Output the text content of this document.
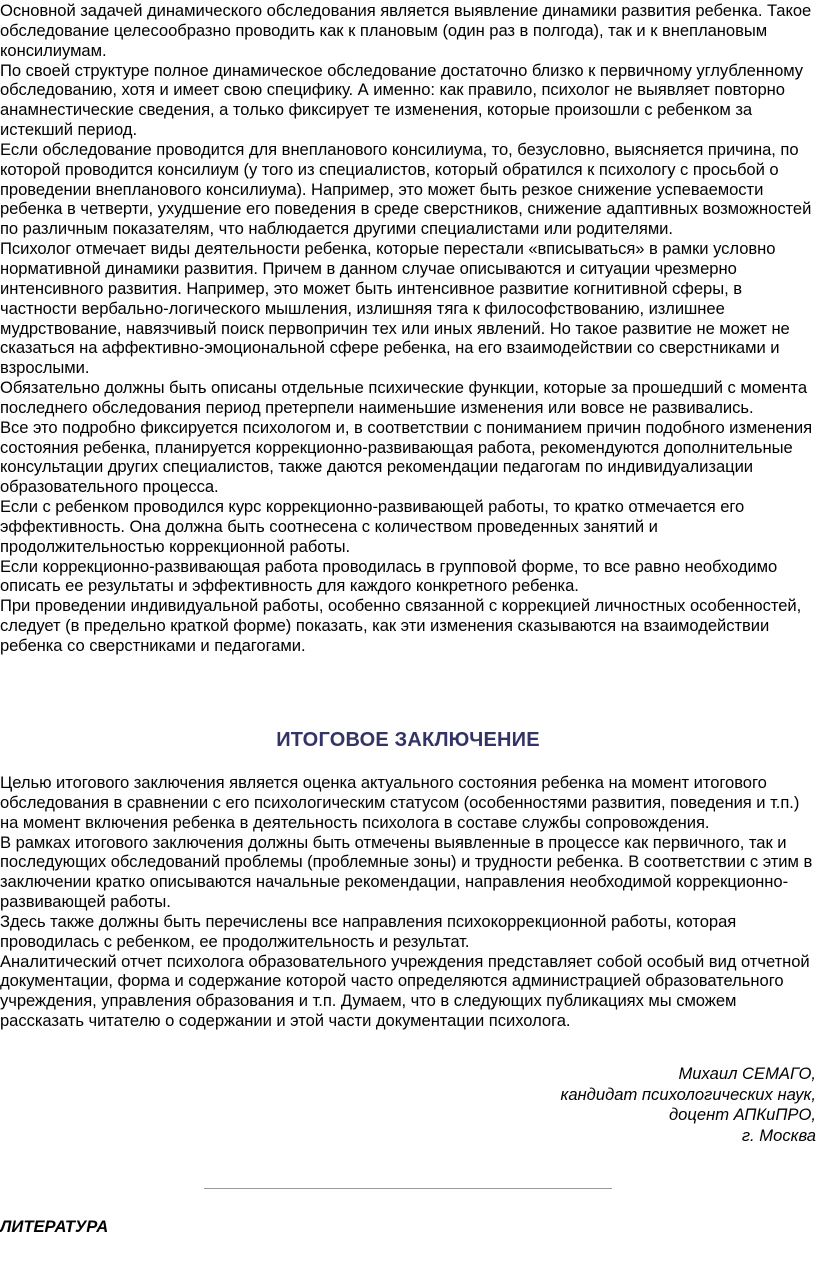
Основной задачей динамического обследования является выявление динамики развития ребенка. Такое обследование целесообразно проводить как к плановым (один раз в полгода), так и к внеплановым консилиумам.

По своей структуре полное динамическое обследование достаточно близко к первичному углубленному обследованию, хотя и имеет свою специфику. А именно: как правило, психолог не выявляет повторно анамнестические сведения, а только фиксирует те изменения, которые произошли с ребенком за истекший период.

Если обследование проводится для внепланового консилиума, то, безусловно, выясняется причина, по которой проводится консилиум (у того из специалистов, который обратился к психологу с просьбой о проведении внепланового консилиума). Например, это может быть резкое снижение успеваемости ребенка в четверти, ухудшение его поведения в среде сверстников, снижение адаптивных возможностей по различным показателям, что наблюдается другими специалистами или родителями.

Психолог отмечает виды деятельности ребенка, которые перестали «вписываться» в рамки условно нормативной динамики развития. Причем в данном случае описываются и ситуации чрезмерно интенсивного развития. Например, это может быть интенсивное развитие когнитивной сферы, в частности вербально-логического мышления, излишняя тяга к философствованию, излишнее мудрствование, навязчивый поиск первопричин тех или иных явлений. Но такое развитие не может не сказаться на аффективно-эмоциональной сфере ребенка, на его взаимодействии со сверстниками и взрослыми.

Обязательно должны быть описаны отдельные психические функции, которые за прошедший с момента последнего обследования период претерпели наименьшие изменения или вовсе не развивались.

Все это подробно фиксируется психологом и, в соответствии с пониманием причин подобного изменения состояния ребенка, планируется коррекционно-развивающая работа, рекомендуются дополнительные консультации других специалистов, также даются рекомендации педагогам по индивидуализации образовательного процесса.

Если с ребенком проводился курс коррекционно-развивающей работы, то кратко отмечается его эффективность. Она должна быть соотнесена с количеством проведенных занятий и продолжительностью коррекционной работы.

Если коррекционно-развивающая работа проводилась в групповой форме, то все равно необходимо описать ее результаты и эффективность для каждого конкретного ребенка.

При проведении индивидуальной работы, особенно связанной с коррекцией личностных особенностей, следует (в предельно краткой форме) показать, как эти изменения сказываются на взаимодействии ребенка со сверстниками и педагогами.

ИТОГОВОЕ ЗАКЛЮЧЕНИЕ

Целью итогового заключения является оценка актуального состояния ребенка на момент итогового обследования в сравнении с его психологическим статусом (особенностями развития, поведения и т.п.) на момент включения ребенка в деятельность психолога в составе службы сопровождения.

В рамках итогового заключения должны быть отмечены выявленные в процессе как первичного, так и последующих обследований проблемы (проблемные зоны) и трудности ребенка. В соответствии с этим в заключении кратко описываются начальные рекомендации, направления необходимой коррекционно-развивающей работы.

Здесь также должны быть перечислены все направления психокоррекционной работы, которая проводилась с ребенком, ее продолжительность и результат.

Аналитический отчет психолога образовательного учреждения представляет собой особый вид отчетной документации, форма и содержание которой часто определяются администрацией образовательного учреждения, управления образования и т.п. Думаем, что в следующих публикациях мы сможем рассказать читателю о содержании и этой части документации психолога.

Михаил СЕМАГО,
кандидат психологических наук,
доцент АПКиПРО,
г. Москва
ЛИТЕРАТУРА
